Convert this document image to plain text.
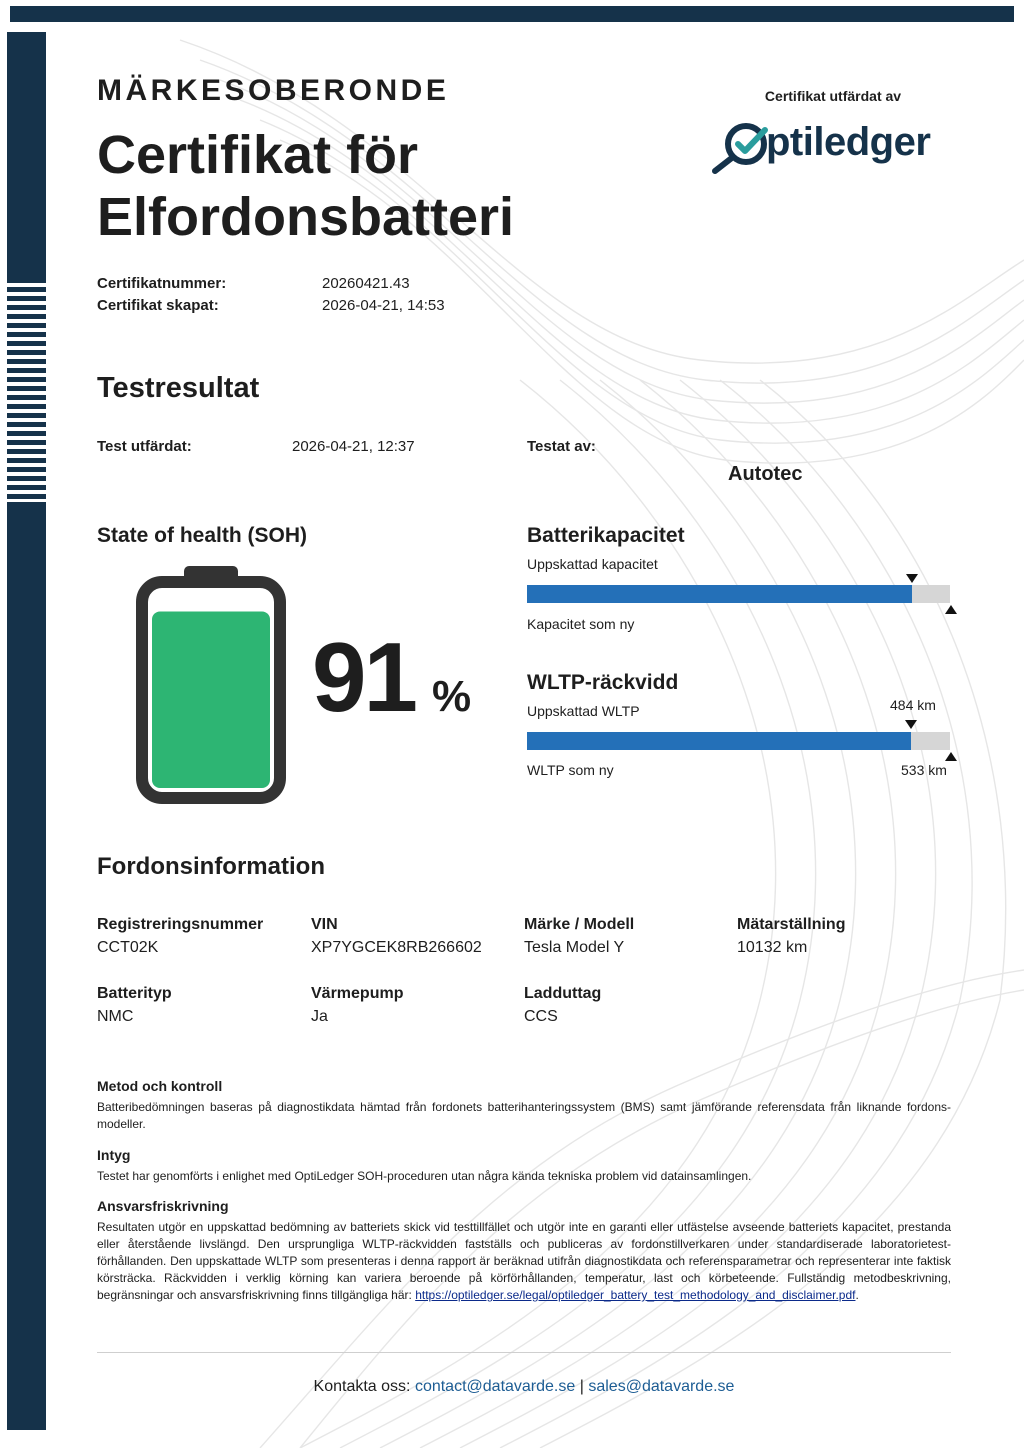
MÄRKESOBERONDE
Certifikat för
Elfordonsbatteri
Certifikat utfärdat av
ptiledger
Certifikatnummer:	20260421.43
Certifikat skapat:	2026-04-21, 14:53
Testresultat
Test utfärdat:	2026-04-21, 12:37	Testat av:
Autotec
State of health (SOH)
91 %
Batterikapacitet
Uppskattad kapacitet
Kapacitet som ny
WLTP-räckvidd
Uppskattad WLTP	484 km
WLTP som ny	533 km
Fordonsinformation
Registreringsnummer
CCT02K
VIN
XP7YGCEK8RB266602
Märke / Modell
Tesla Model Y
Mätarställning
10132 km
Batterityp
NMC
Värmepump
Ja
Ladduttag
CCS
Metod och kontroll
Batteribedömningen baseras på diagnostikdata hämtad från fordonets batterihanteringssystem (BMS) samt jämförande referensdata från liknande fordons-modeller.
Intyg
Testet har genomförts i enlighet med OptiLedger SOH-proceduren utan några kända tekniska problem vid datainsamlingen.
Ansvarsfriskrivning
Resultaten utgör en uppskattad bedömning av batteriets skick vid testtillfället och utgör inte en garanti eller utfästelse avseende batteriets kapacitet, prestanda eller återstående livslängd. Den ursprungliga WLTP-räckvidden fastställs och publiceras av fordonstillverkaren under standardiserade laboratorietest-förhållanden. Den uppskattade WLTP som presenteras i denna rapport är beräknad utifrån diagnostikdata och referensparametrar och representerar inte faktisk körsträcka. Räckvidden i verklig körning kan variera beroende på körförhållanden, temperatur, last och körbeteende. Fullständig metodbeskrivning, begränsningar och ansvarsfriskrivning finns tillgängliga här: https://optiledger.se/legal/optiledger_battery_test_methodology_and_disclaimer.pdf.
Kontakta oss: contact@datavarde.se | sales@datavarde.se
